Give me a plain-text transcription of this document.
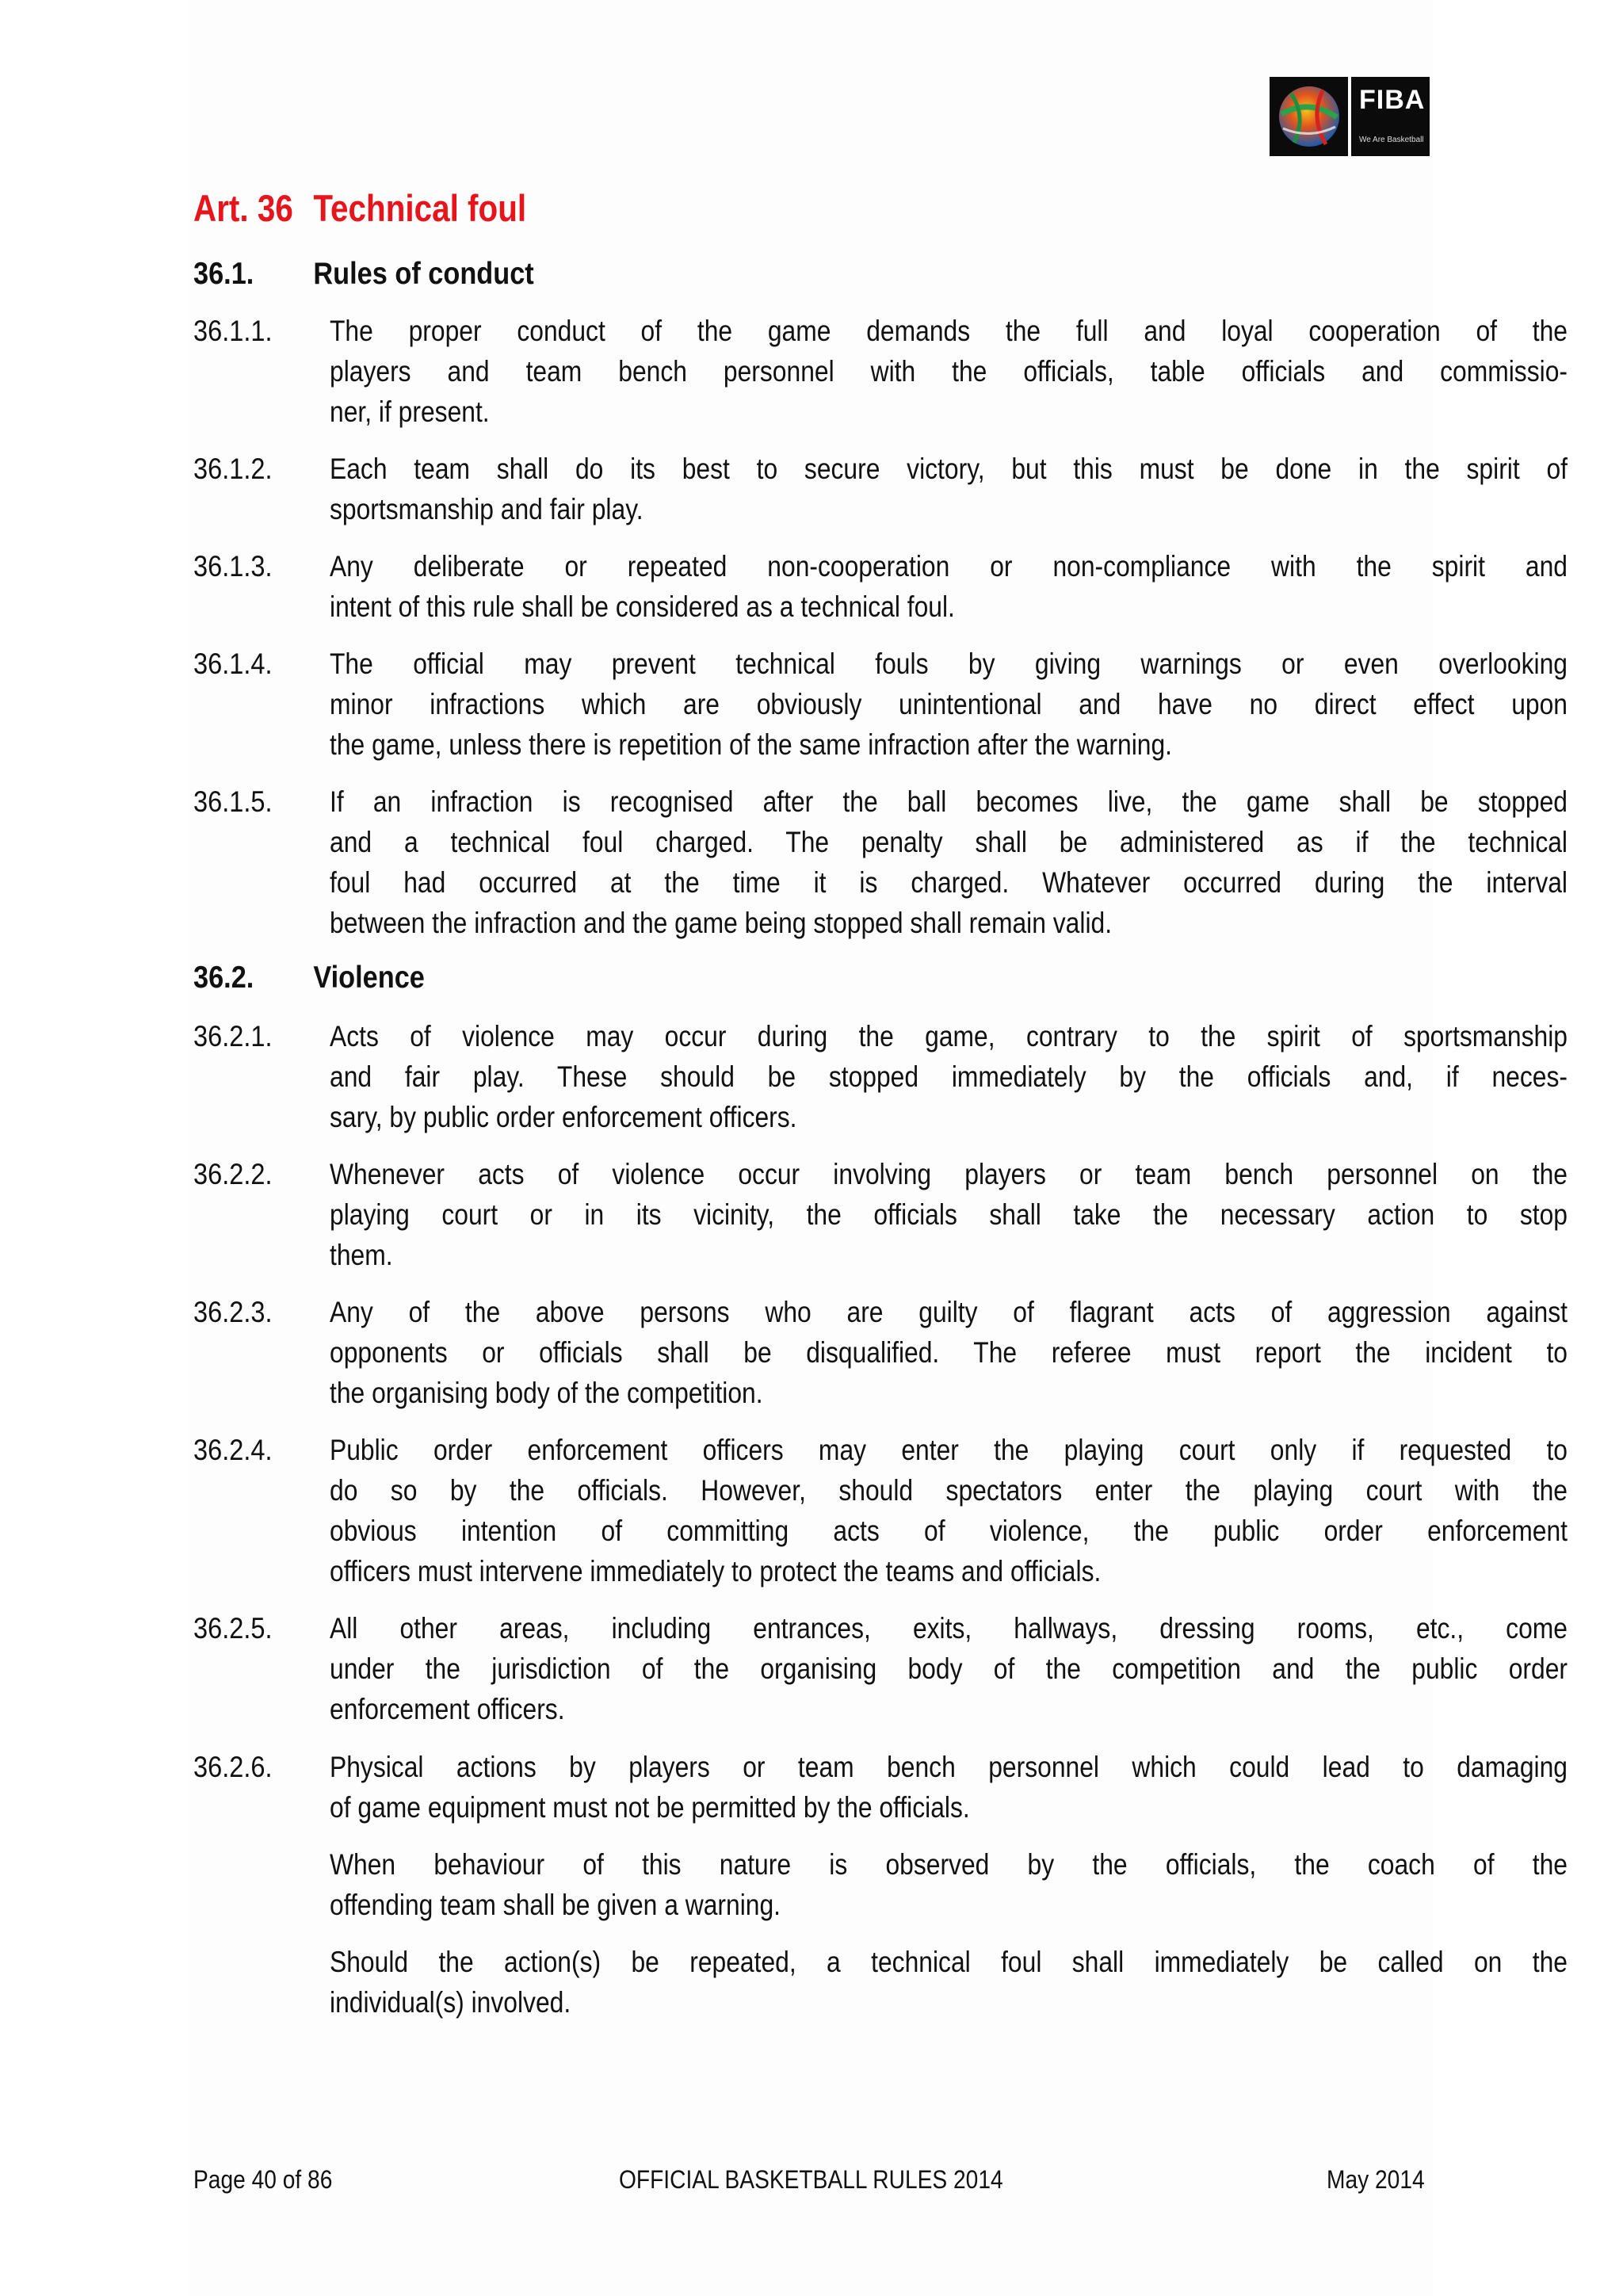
FIBA
We Are Basketball
Art. 36 Technical foul
36.1. Rules of conduct
36.2. Violence
36.1.1. The proper conduct of the game demands the full and loyal cooperation of the
players and team bench personnel with the officials, table officials and commissio-
ner, if present.
36.1.2. Each team shall do its best to secure victory, but this must be done in the spirit of
sportsmanship and fair play.
36.1.3. Any deliberate or repeated non-cooperation or non-compliance with the spirit and
intent of this rule shall be considered as a technical foul.
36.1.4. The official may prevent technical fouls by giving warnings or even overlooking
minor infractions which are obviously unintentional and have no direct effect upon
the game, unless there is repetition of the same infraction after the warning.
36.1.5. If an infraction is recognised after the ball becomes live, the game shall be stopped
and a technical foul charged. The penalty shall be administered as if the technical
foul had occurred at the time it is charged. Whatever occurred during the interval
between the infraction and the game being stopped shall remain valid.
36.2.1. Acts of violence may occur during the game, contrary to the spirit of sportsmanship
and fair play. These should be stopped immediately by the officials and, if neces-
sary, by public order enforcement officers.
36.2.2. Whenever acts of violence occur involving players or team bench personnel on the
playing court or in its vicinity, the officials shall take the necessary action to stop
them.
36.2.3. Any of the above persons who are guilty of flagrant acts of aggression against
opponents or officials shall be disqualified. The referee must report the incident to
the organising body of the competition.
36.2.4. Public order enforcement officers may enter the playing court only if requested to
do so by the officials. However, should spectators enter the playing court with the
obvious intention of committing acts of violence, the public order enforcement
officers must intervene immediately to protect the teams and officials.
36.2.5. All other areas, including entrances, exits, hallways, dressing rooms, etc., come
under the jurisdiction of the organising body of the competition and the public order
enforcement officers.
36.2.6. Physical actions by players or team bench personnel which could lead to damaging
of game equipment must not be permitted by the officials.
When behaviour of this nature is observed by the officials, the coach of the
offending team shall be given a warning.
Should the action(s) be repeated, a technical foul shall immediately be called on the
individual(s) involved.
Page 40 of 86	OFFICIAL BASKETBALL RULES 2014	May 2014
